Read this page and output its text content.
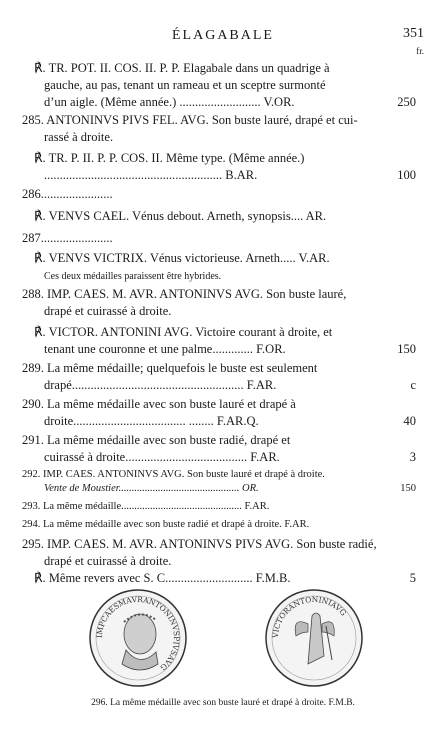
ÉLAGABALE	351
fr.
℟. TR. POT. II. COS. II. P. P. Elagabale dans un quadrige à
gauche, au pas, tenant un rameau et un sceptre surmonté
d’un aigle. (Même année.) .......................... V.OR.	250
285. ANTONINVS PIVS FEL. AVG. Son buste lauré, drapé et cui-
rassé à droite.
℟. TR. P. II. P. P. COS. II. Même type. (Même année.)
......................................................... B.AR.	100
286.......................
℟. VENVS CAEL. Vénus debout. Arneth, synopsis.... AR.
287.......................
℟. VENVS VICTRIX. Vénus victorieuse. Arneth..... V.AR.
Ces deux médailles paraissent être hybrides.
288. IMP. CAES. M. AVR. ANTONINVS AVG. Son buste lauré,
drapé et cuirassé à droite.
℟. VICTOR. ANTONINI AVG. Victoire courant à droite, et
tenant une couronne et une palme............. F.OR.	150
289. La même médaille; quelquefois le buste est seulement
drapé....................................................... F.AR.	c
290. La même médaille avec son buste lauré et drapé à
droite.................................... ........ F.AR.Q.	40
291. La même médaille avec son buste radié, drapé et
cuirassé à droite....................................... F.AR.	3
292. IMP. CAES. ANTONINVS AVG. Son buste lauré et drapé à droite.
Vente de Moustier.............................................. OR.	150
293. La même médaille.............................................. F.AR.
294. La même médaille avec son buste radié et drapé à droite. F.AR.
295. IMP. CAES. M. AVR. ANTONINVS PIVS AVG. Son buste radié,
drapé et cuirassé à droite.
℟. Même revers avec S. C............................ F.M.B.	5
IMPCAESMAVRANTONINVSPIVSAVG
VICTORANTONINIAVG
296. La même médaille avec son buste lauré et drapé à droite. F.M.B.
